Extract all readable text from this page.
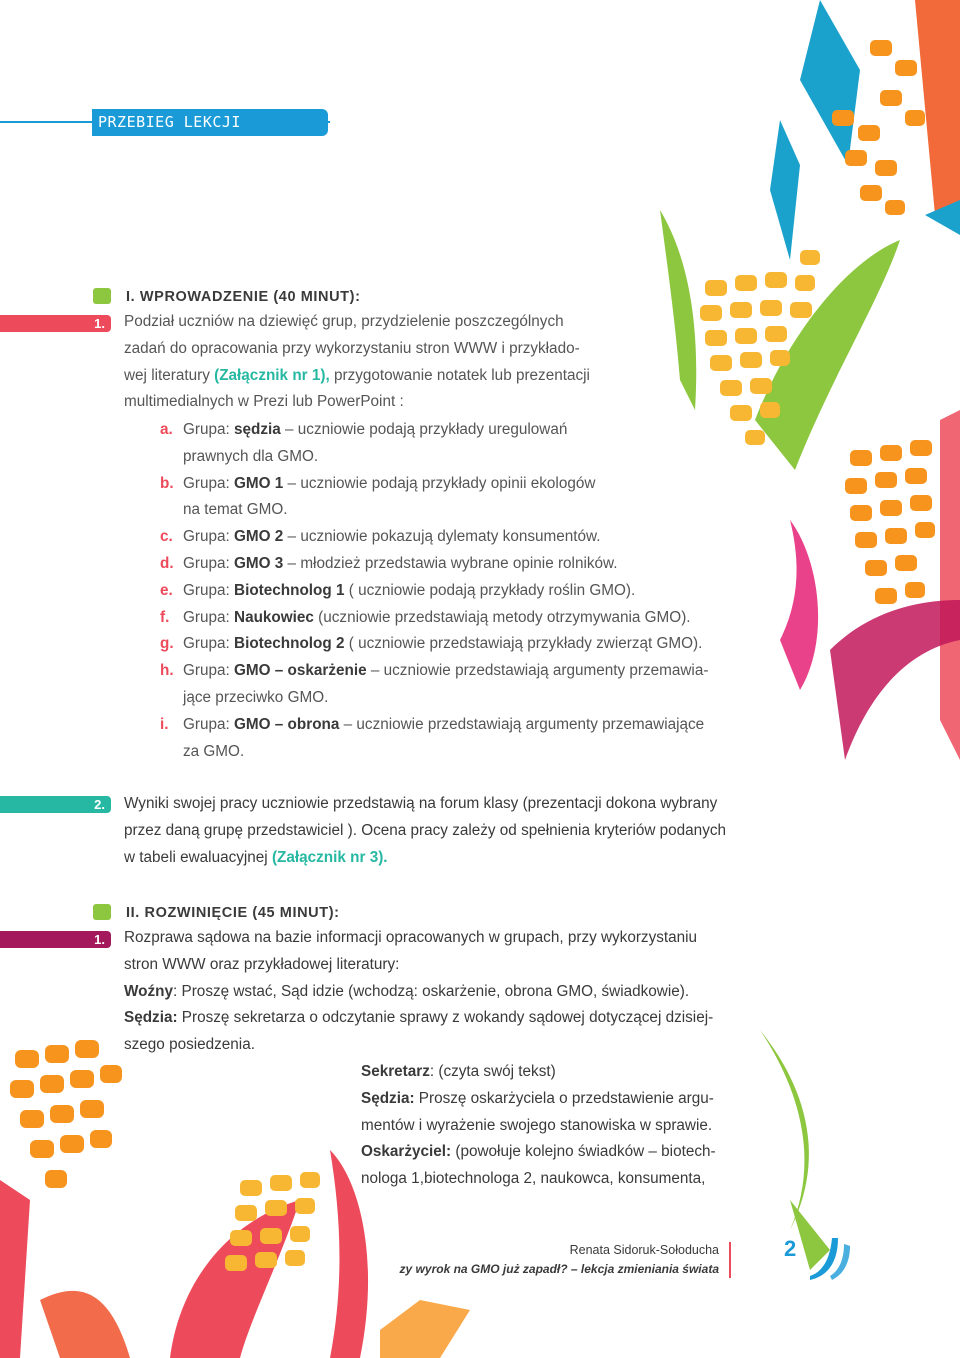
PRZEBIEG LEKCJI
I. WPROWADZENIE (40 MINUT):
1. Podział uczniów na dziewięć grup, przydzielenie poszczególnych
zadań do opracowania przy wykorzystaniu stron WWW i przykłado-
wej literatury (Załącznik nr 1), przygotowanie notatek lub prezentacji
multimedialnych w Prezi lub PowerPoint :

a. Grupa: sędzia – uczniowie podają przykłady uregulowań
prawnych dla GMO.
b. Grupa: GMO 1 – uczniowie podają przykłady opinii ekologów
na temat GMO.
c. Grupa: GMO 2 – uczniowie pokazują dylematy konsumentów.
d. Grupa: GMO 3 – młodzież przedstawia wybrane opinie rolników.
e. Grupa: Biotechnolog 1 ( uczniowie podają przykłady roślin GMO).
f. Grupa: Naukowiec (uczniowie przedstawiają metody otrzymywania GMO).
g. Grupa: Biotechnolog 2 ( uczniowie przedstawiają przykłady zwierząt GMO).
h. Grupa: GMO – oskarżenie – uczniowie przedstawiają argumenty przemawia-
jące przeciwko GMO.
i. Grupa: GMO – obrona – uczniowie przedstawiają argumenty przemawiające
za GMO.
2. Wyniki swojej pracy uczniowie przedstawią na forum klasy (prezentacji dokona wybrany
przez daną grupę przedstawiciel ). Ocena pracy zależy od spełnienia kryteriów podanych
w tabeli ewaluacyjnej (Załącznik nr 3).

II. ROZWINIĘCIE (45 MINUT):
1. Rozprawa sądowa na bazie informacji opracowanych w grupach, przy wykorzystaniu
stron WWW oraz przykładowej literatury:
Woźny: Proszę wstać, Sąd idzie (wchodzą: oskarżenie, obrona GMO, świadkowie).
Sędzia: Proszę sekretarza o odczytanie sprawy z wokandy sądowej dotyczącej dzisiej-
szego posiedzenia.

Sekretarz: (czyta swój tekst)
Sędzia: Proszę oskarżyciela o przedstawienie argu-
mentów i wyrażenie swojego stanowiska w sprawie.
Oskarżyciel: (powołuje kolejno świadków – biotech-
nologa 1,biotechnologa 2, naukowca, konsumenta,

Renata Sidoruk-Sołoducha
zy wyrok na GMO już zapadł? – lekcja zmieniania świata
2
